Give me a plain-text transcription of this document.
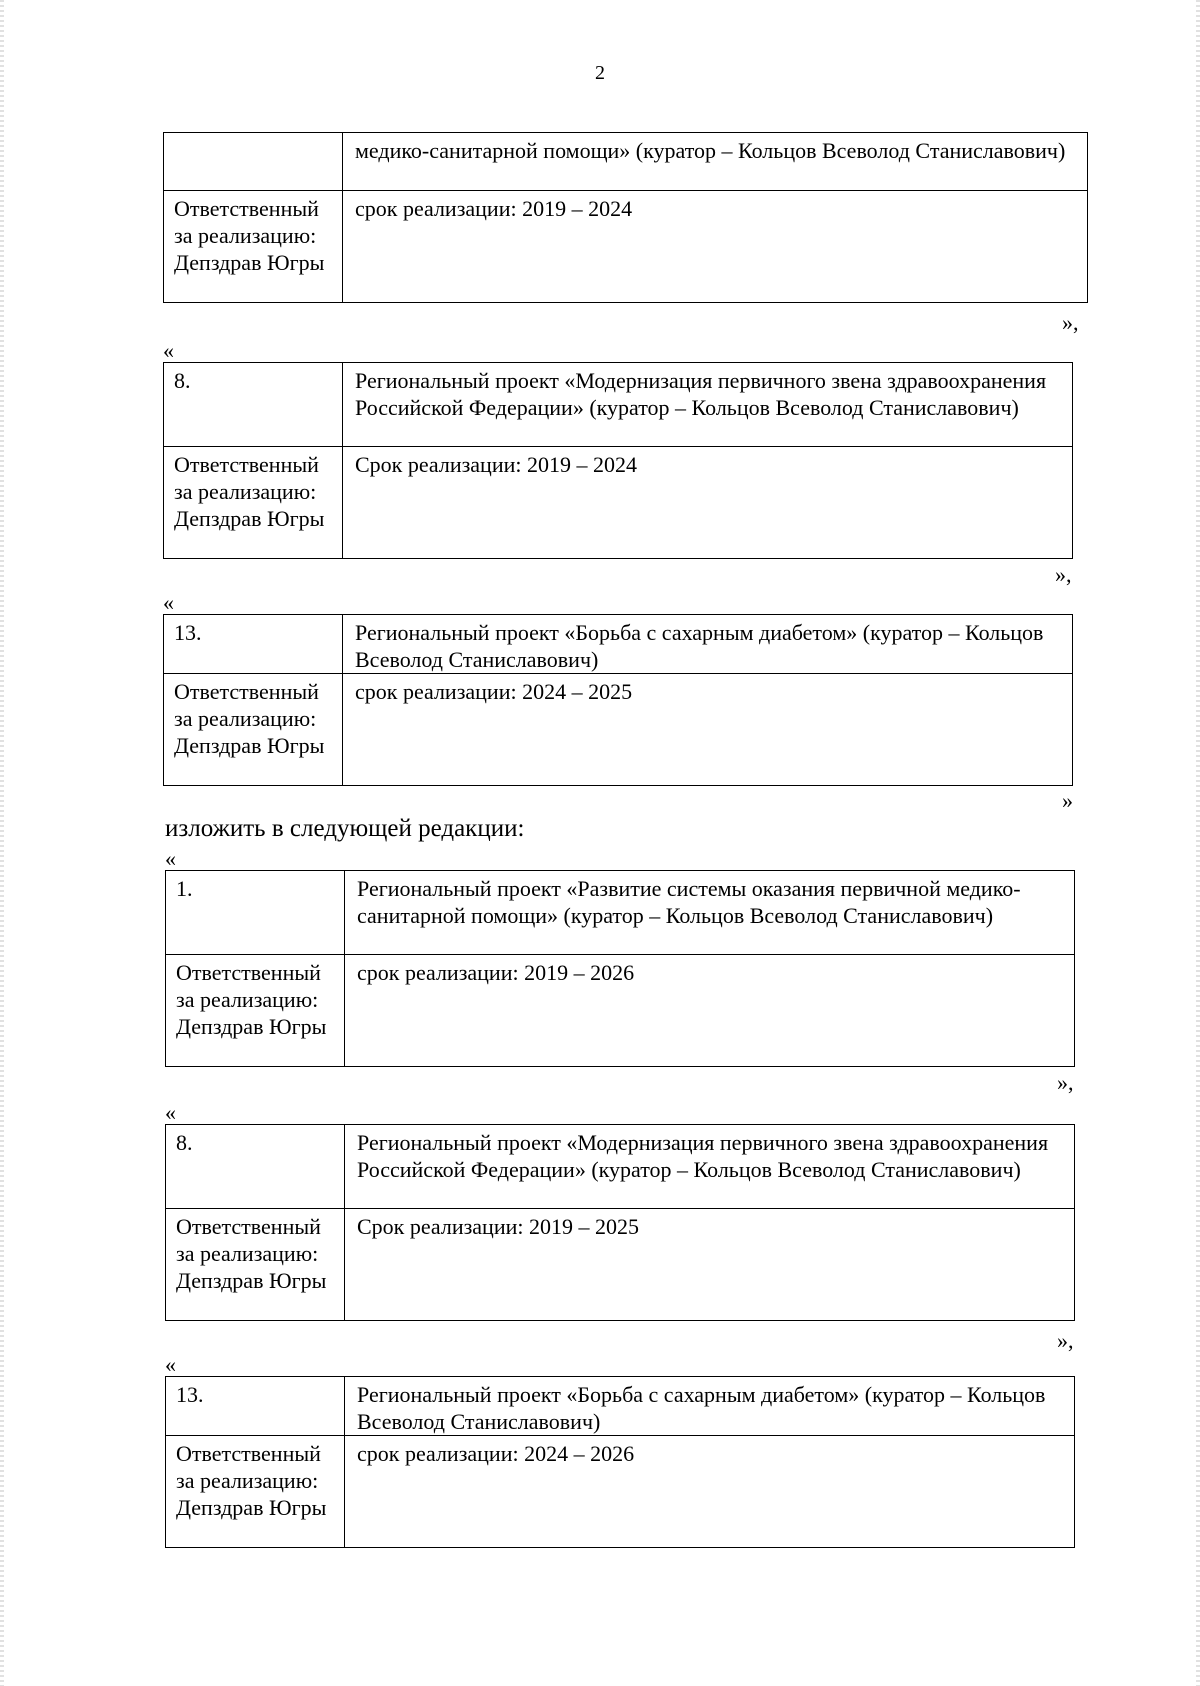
2
	медико-санитарной помощи» (куратор – Кольцов Всеволод Станиславович)
Ответственный за реализацию: Депздрав Югры	срок реализации: 2019 – 2024
»,
«
8.	Региональный проект «Модернизация первичного звена здравоохранения Российской Федерации» (куратор – Кольцов Всеволод Станиславович)
Ответственный за реализацию: Депздрав Югры	Срок реализации: 2019 – 2024
»,
«
13.	Региональный проект «Борьба с сахарным диабетом» (куратор – Кольцов Всеволод Станиславович)
Ответственный за реализацию: Депздрав Югры	срок реализации: 2024 – 2025
»
изложить в следующей редакции:
«
1.	Региональный проект «Развитие системы оказания первичной медико-санитарной помощи» (куратор – Кольцов Всеволод Станиславович)
Ответственный за реализацию: Депздрав Югры	срок реализации: 2019 – 2026
»,
«
8.	Региональный проект «Модернизация первичного звена здравоохранения Российской Федерации» (куратор – Кольцов Всеволод Станиславович)
Ответственный за реализацию: Депздрав Югры	Срок реализации: 2019 – 2025
»,
«
13.	Региональный проект «Борьба с сахарным диабетом» (куратор – Кольцов Всеволод Станиславович)
Ответственный за реализацию: Депздрав Югры	срок реализации: 2024 – 2026
